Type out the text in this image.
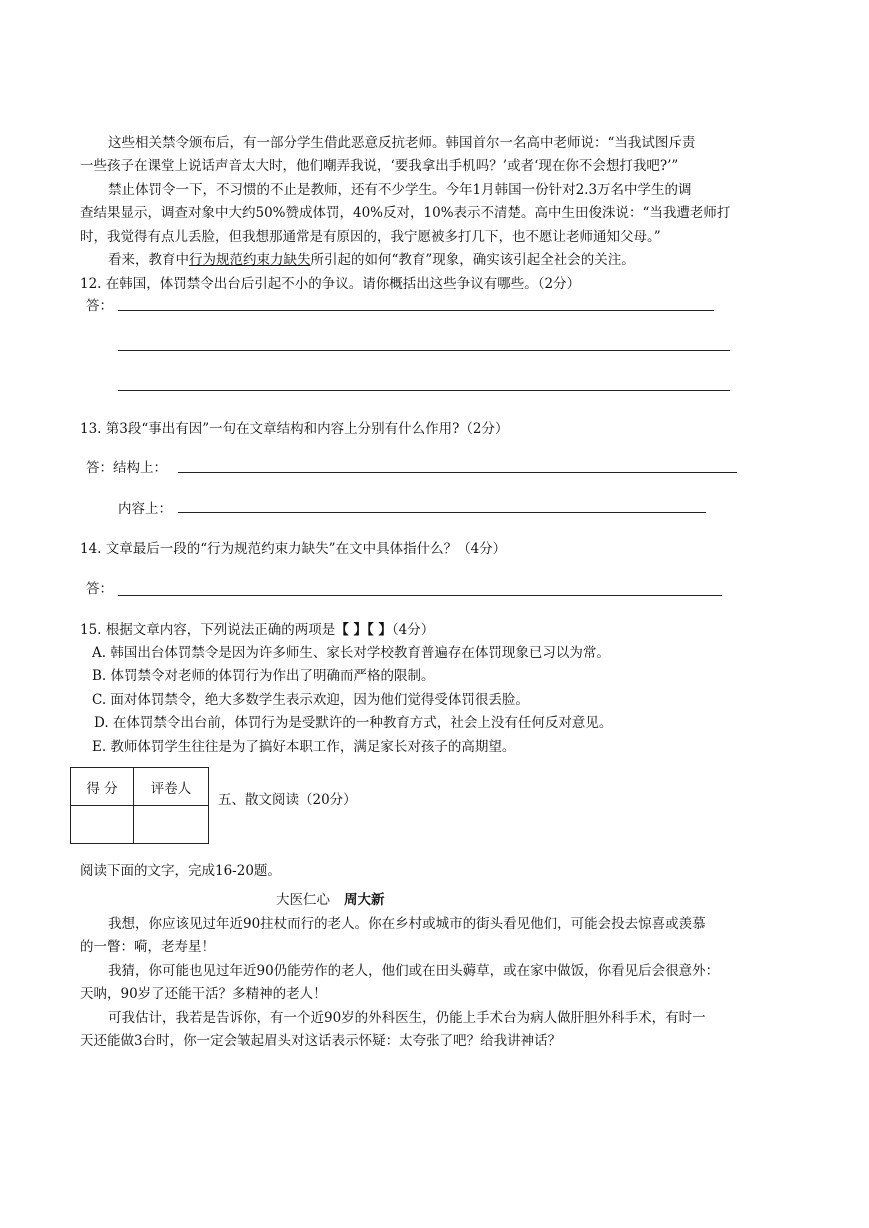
这些相关禁令颁布后，有一部分学生借此恶意反抗老师。韩国首尔一名高中老师说：“当我试图斥责
一些孩子在课堂上说话声音太大时，他们嘲弄我说，‘要我拿出手机吗？’或者‘现在你不会想打我吧?’”
禁止体罚令一下，不习惯的不止是教师，还有不少学生。今年1月韩国一份针对2.3万名中学生的调
查结果显示，调查对象中大约50%赞成体罚，40%反对，10%表示不清楚。高中生田俊洙说：“当我遭老师打
时，我觉得有点儿丢脸，但我想那通常是有原因的，我宁愿被多打几下，也不愿让老师通知父母。”
看来，教育中行为规范约束力缺失所引起的如何“教育”现象，确实该引起全社会的关注。
12. 在韩国，体罚禁令出台后引起不小的争议。请你概括出这些争议有哪些。（2分）
答：
13. 第3段“事出有因”一句在文章结构和内容上分别有什么作用?（2分）
答：结构上：
内容上：
14. 文章最后一段的“行为规范约束力缺失”在文中具体指什么？（4分）
答：
15. 根据文章内容，下列说法正确的两项是【 】【 】（4分）
A. 韩国出台体罚禁令是因为许多师生、家长对学校教育普遍存在体罚现象已习以为常。
B. 体罚禁令对老师的体罚行为作出了明确而严格的限制。
C. 面对体罚禁令，绝大多数学生表示欢迎，因为他们觉得受体罚很丢脸。
D. 在体罚禁令出台前，体罚行为是受默许的一种教育方式，社会上没有任何反对意见。
E. 教师体罚学生往往是为了搞好本职工作，满足家长对孩子的高期望。
得 分	评卷人

五、散文阅读（20分）
阅读下面的文字，完成16-20题。
大医仁心 周大新
我想，你应该见过年近90拄杖而行的老人。你在乡村或城市的街头看见他们，可能会投去惊喜或羡慕
的一瞥：嗬，老寿星！
我猜，你可能也见过年近90仍能劳作的老人，他们或在田头薅草，或在家中做饭，你看见后会很意外：
天呐，90岁了还能干活？多精神的老人！
可我估计，我若是告诉你，有一个近90岁的外科医生，仍能上手术台为病人做肝胆外科手术，有时一
天还能做3台时，你一定会皱起眉头对这话表示怀疑：太夸张了吧？给我讲神话？
